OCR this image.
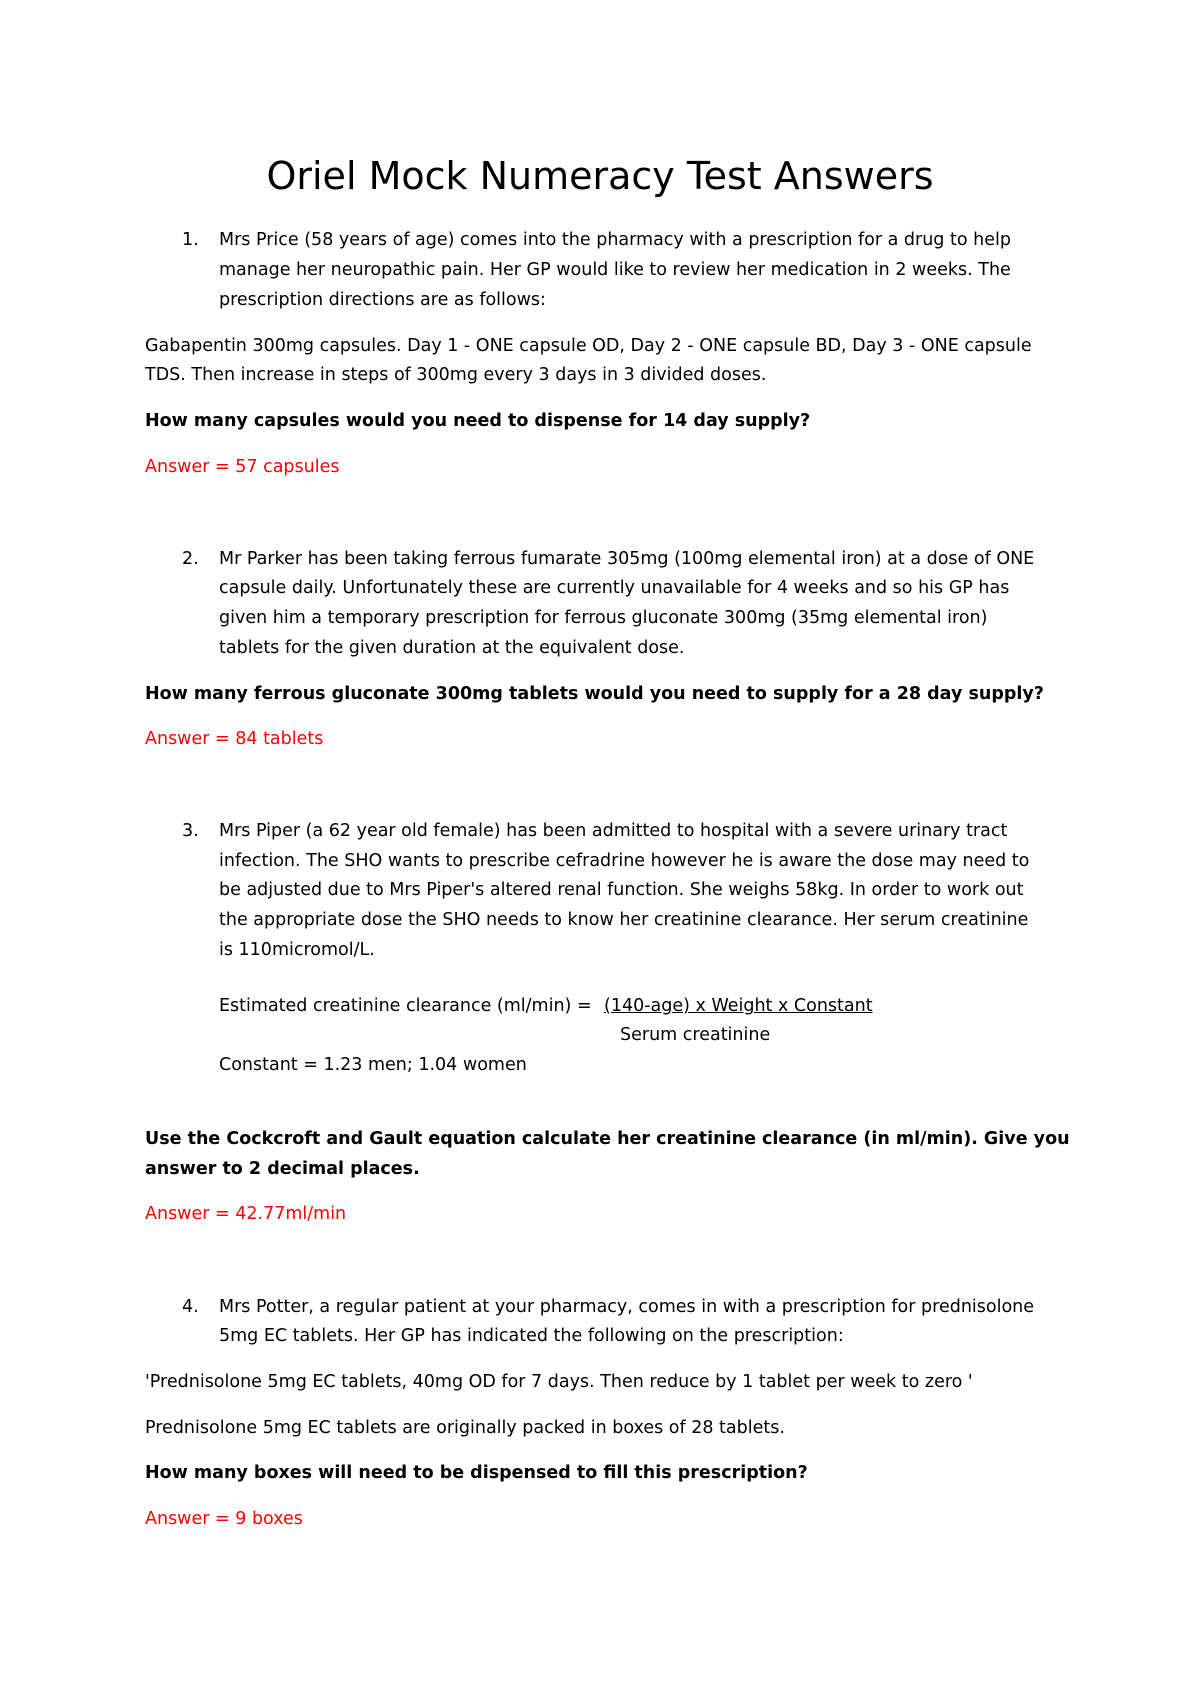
Oriel Mock Numeracy Test Answers
1. Mrs Price (58 years of age) comes into the pharmacy with a prescription for a drug to help

manage her neuropathic pain. Her GP would like to review her medication in 2 weeks. The

prescription directions are as follows:

Gabapentin 300mg capsules. Day 1 - ONE capsule OD, Day 2 - ONE capsule BD, Day 3 - ONE capsule

TDS. Then increase in steps of 300mg every 3 days in 3 divided doses.

How many capsules would you need to dispense for 14 day supply?

Answer = 57 capsules

2. Mr Parker has been taking ferrous fumarate 305mg (100mg elemental iron) at a dose of ONE

capsule daily. Unfortunately these are currently unavailable for 4 weeks and so his GP has

given him a temporary prescription for ferrous gluconate 300mg (35mg elemental iron)

tablets for the given duration at the equivalent dose.

How many ferrous gluconate 300mg tablets would you need to supply for a 28 day supply?

Answer = 84 tablets

3. Mrs Piper (a 62 year old female) has been admitted to hospital with a severe urinary tract

infection. The SHO wants to prescribe cefradrine however he is aware the dose may need to

be adjusted due to Mrs Piper's altered renal function. She weighs 58kg. In order to work out

the appropriate dose the SHO needs to know her creatinine clearance. Her serum creatinine

is 110micromol/L.

Estimated creatinine clearance (ml/min) = (140-age) x Weight x Constant

Serum creatinine

Constant = 1.23 men; 1.04 women

Use the Cockcroft and Gault equation calculate her creatinine clearance (in ml/min). Give you

answer to 2 decimal places.

Answer = 42.77ml/min

4. Mrs Potter, a regular patient at your pharmacy, comes in with a prescription for prednisolone

5mg EC tablets. Her GP has indicated the following on the prescription:

'Prednisolone 5mg EC tablets, 40mg OD for 7 days. Then reduce by 1 tablet per week to zero '

Prednisolone 5mg EC tablets are originally packed in boxes of 28 tablets.

How many boxes will need to be dispensed to fill this prescription?

Answer = 9 boxes
